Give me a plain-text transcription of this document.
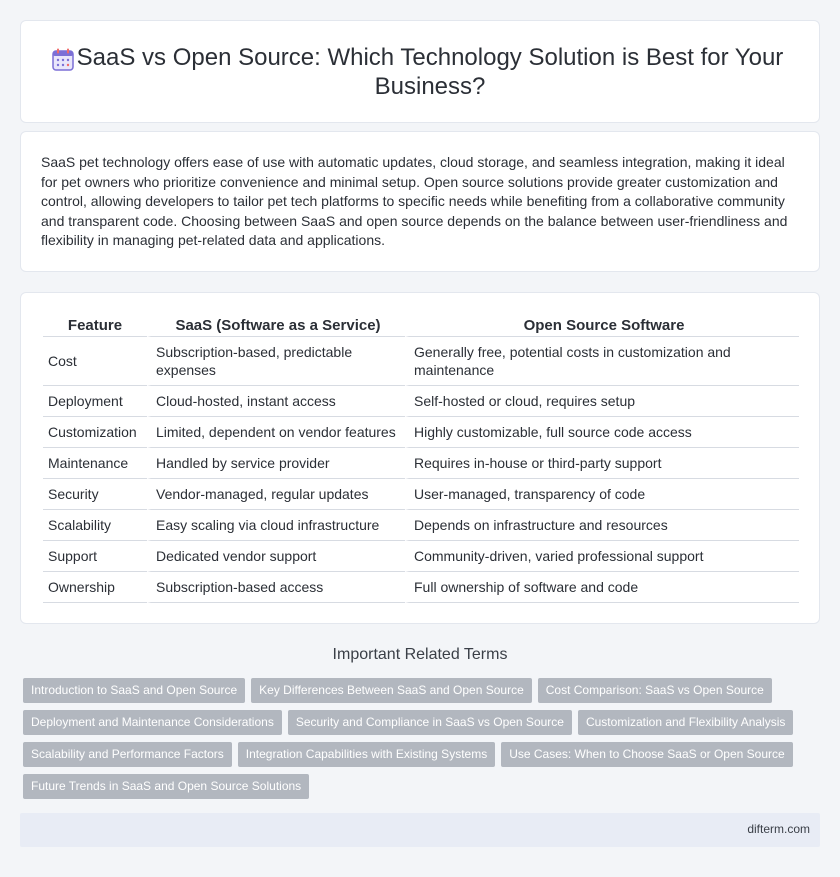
SaaS vs Open Source: Which Technology Solution is Best for Your Business?

SaaS pet technology offers ease of use with automatic updates, cloud storage, and seamless integration, making it ideal for pet owners who prioritize convenience and minimal setup. Open source solutions provide greater customization and control, allowing developers to tailor pet tech platforms to specific needs while benefiting from a collaborative community and transparent code. Choosing between SaaS and open source depends on the balance between user-friendliness and flexibility in managing pet-related data and applications.

Feature	SaaS (Software as a Service)	Open Source Software
Cost	Subscription-based, predictable expenses	Generally free, potential costs in customization and maintenance
Deployment	Cloud-hosted, instant access	Self-hosted or cloud, requires setup
Customization	Limited, dependent on vendor features	Highly customizable, full source code access
Maintenance	Handled by service provider	Requires in-house or third-party support
Security	Vendor-managed, regular updates	User-managed, transparency of code
Scalability	Easy scaling via cloud infrastructure	Depends on infrastructure and resources
Support	Dedicated vendor support	Community-driven, varied professional support
Ownership	Subscription-based access	Full ownership of software and code
Important Related Terms
Introduction to SaaS and Open Source Key Differences Between SaaS and Open Source Cost Comparison: SaaS vs Open Source
Deployment and Maintenance Considerations Security and Compliance in SaaS vs Open Source Customization and Flexibility Analysis
Scalability and Performance Factors Integration Capabilities with Existing Systems Use Cases: When to Choose SaaS or Open Source
Future Trends in SaaS and Open Source Solutions
difterm.com
